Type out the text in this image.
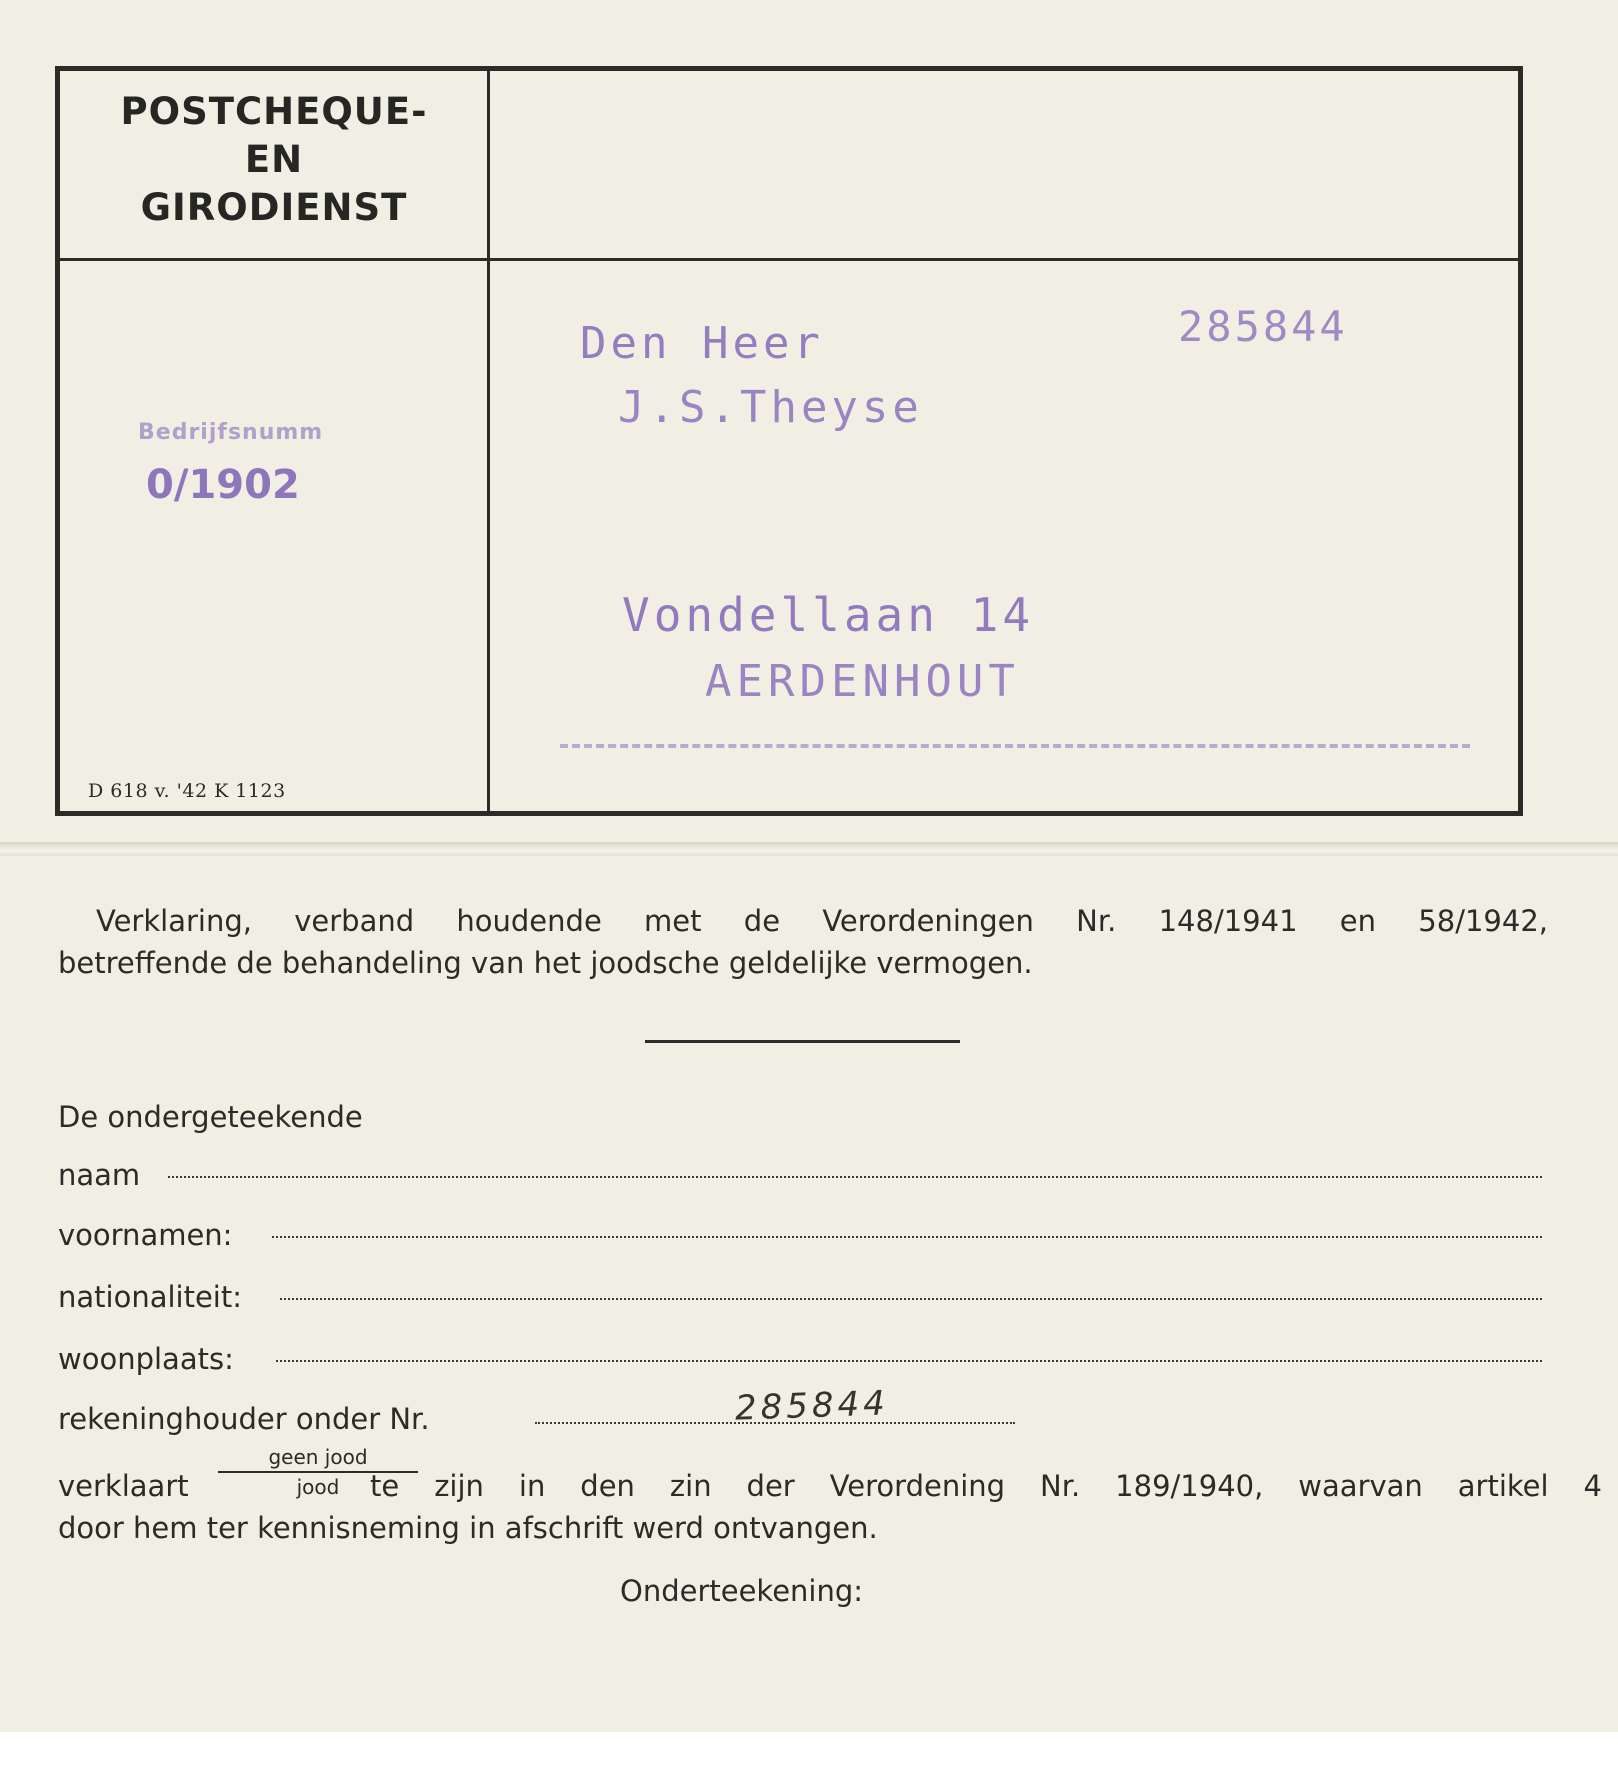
POSTCHEQUE-
EN
GIRODIENST
Bedrijfsnumm
0/1902
D 618 v. '42 K 1123
Den Heer	285844
J.S.Theyse
Vondellaan 14
AERDENHOUT
Verklaring, verband houdende met de Verordeningen Nr. 148/1941 en 58/1942,
betreffende de behandeling van het joodsche geldelijke vermogen.
De ondergeteekende
naam
voornamen:
nationaliteit:
woonplaats:
rekeninghouder onder Nr.	285844
geen jood
jood
verklaart	te zijn in den zin der Verordening Nr. 189/1940, waarvan artikel 4
door hem ter kennisneming in afschrift werd ontvangen.
Onderteekening:
